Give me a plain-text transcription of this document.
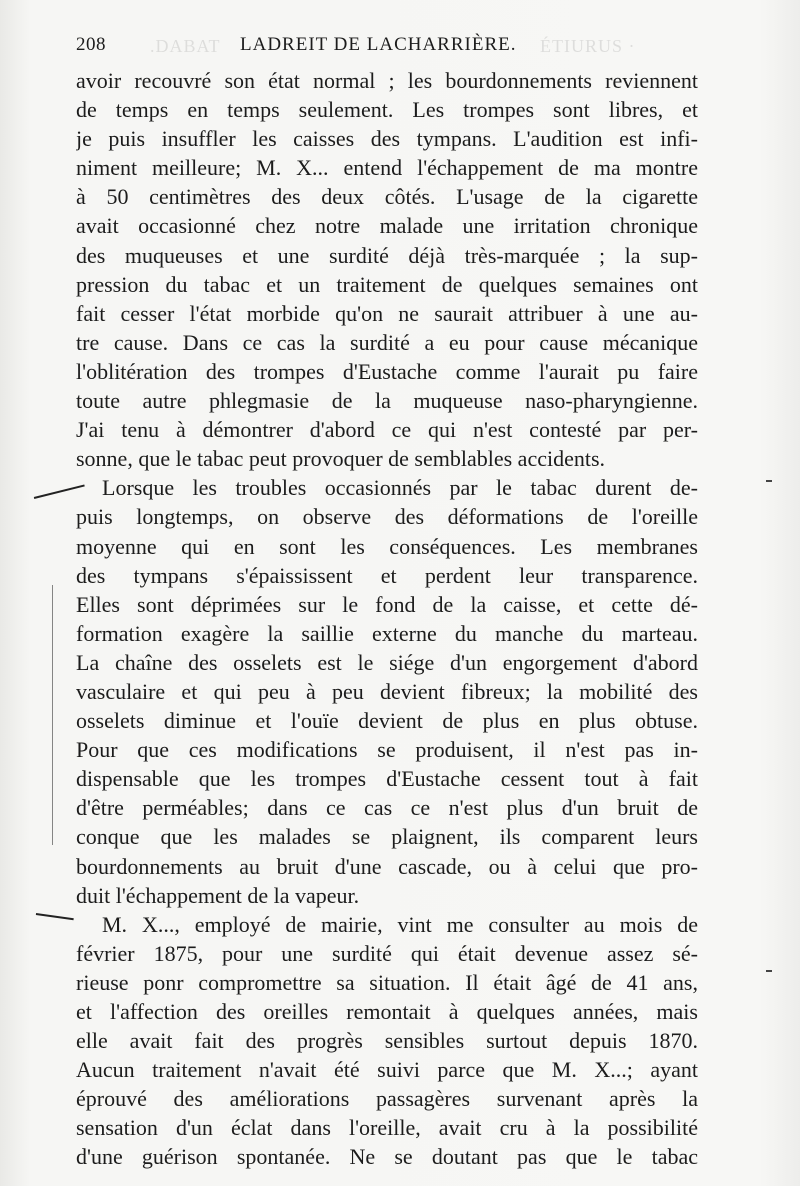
.DABAT	ÉTIURUS ·
208	LADREIT DE LACHARRIÈRE.
avoir recouvré son état normal ; les bourdonnements reviennent
de temps en temps seulement. Les trompes sont libres, et
je puis insuffler les caisses des tympans. L'audition est infi-
niment meilleure; M. X... entend l'échappement de ma montre
à 50 centimètres des deux côtés. L'usage de la cigarette
avait occasionné chez notre malade une irritation chronique
des muqueuses et une surdité déjà très-marquée ; la sup-
pression du tabac et un traitement de quelques semaines ont
fait cesser l'état morbide qu'on ne saurait attribuer à une au-
tre cause. Dans ce cas la surdité a eu pour cause mécanique
l'oblitération des trompes d'Eustache comme l'aurait pu faire
toute autre phlegmasie de la muqueuse naso-pharyngienne.
J'ai tenu à démontrer d'abord ce qui n'est contesté par per-
sonne, que le tabac peut provoquer de semblables accidents.
Lorsque les troubles occasionnés par le tabac durent de-
puis longtemps, on observe des déformations de l'oreille
moyenne qui en sont les conséquences. Les membranes
des tympans s'épaississent et perdent leur transparence.
Elles sont déprimées sur le fond de la caisse, et cette dé-
formation exagère la saillie externe du manche du marteau.
La chaîne des osselets est le siége d'un engorgement d'abord
vasculaire et qui peu à peu devient fibreux; la mobilité des
osselets diminue et l'ouïe devient de plus en plus obtuse.
Pour que ces modifications se produisent, il n'est pas in-
dispensable que les trompes d'Eustache cessent tout à fait
d'être perméables; dans ce cas ce n'est plus d'un bruit de
conque que les malades se plaignent, ils comparent leurs
bourdonnements au bruit d'une cascade, ou à celui que pro-
duit l'échappement de la vapeur.
M. X..., employé de mairie, vint me consulter au mois de
février 1875, pour une surdité qui était devenue assez sé-
rieuse ponr compromettre sa situation. Il était âgé de 41 ans,
et l'affection des oreilles remontait à quelques années, mais
elle avait fait des progrès sensibles surtout depuis 1870.
Aucun traitement n'avait été suivi parce que M. X...; ayant
éprouvé des améliorations passagères survenant après la
sensation d'un éclat dans l'oreille, avait cru à la possibilité
d'une guérison spontanée. Ne se doutant pas que le tabac
